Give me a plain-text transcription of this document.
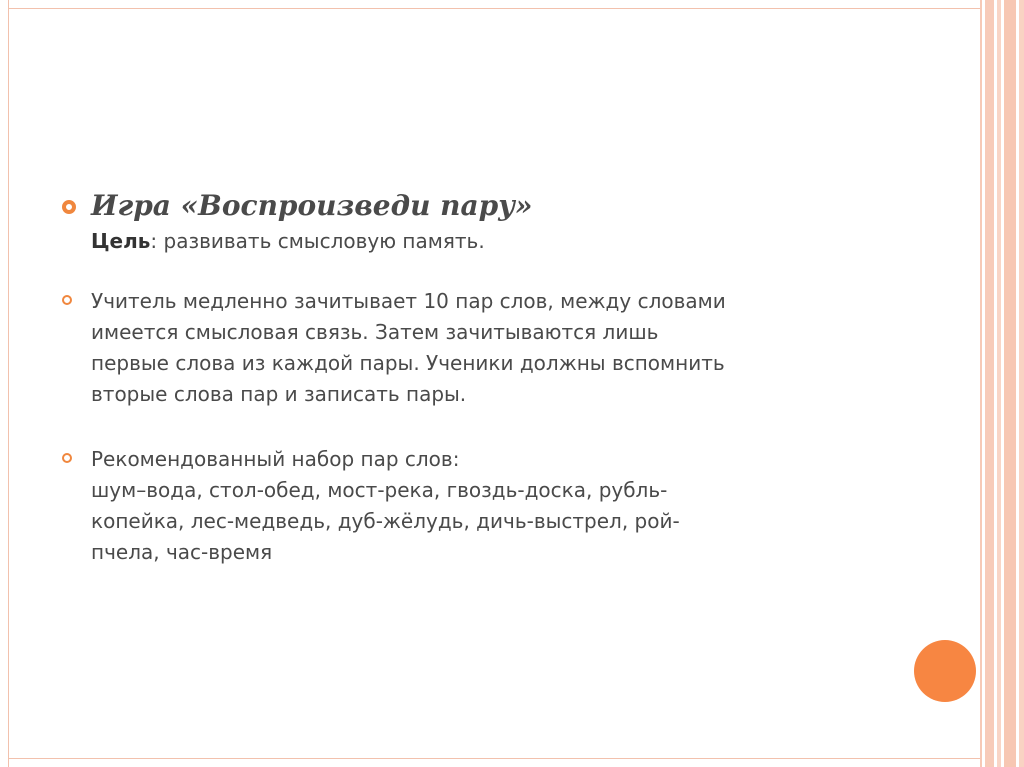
Игра «Воспроизведи пару»
Цель: развивать смысловую память.
Учитель медленно зачитывает 10 пар слов, между словами
имеется смысловая связь. Затем зачитываются лишь
первые слова из каждой пары. Ученики должны вспомнить
вторые слова пар и записать пары.
Рекомендованный набор пар слов:
шум–вода, стол-обед, мост-река, гвоздь-доска, рубль-
копейка, лес-медведь, дуб-жёлудь, дичь-выстрел, рой-
пчела, час-время
